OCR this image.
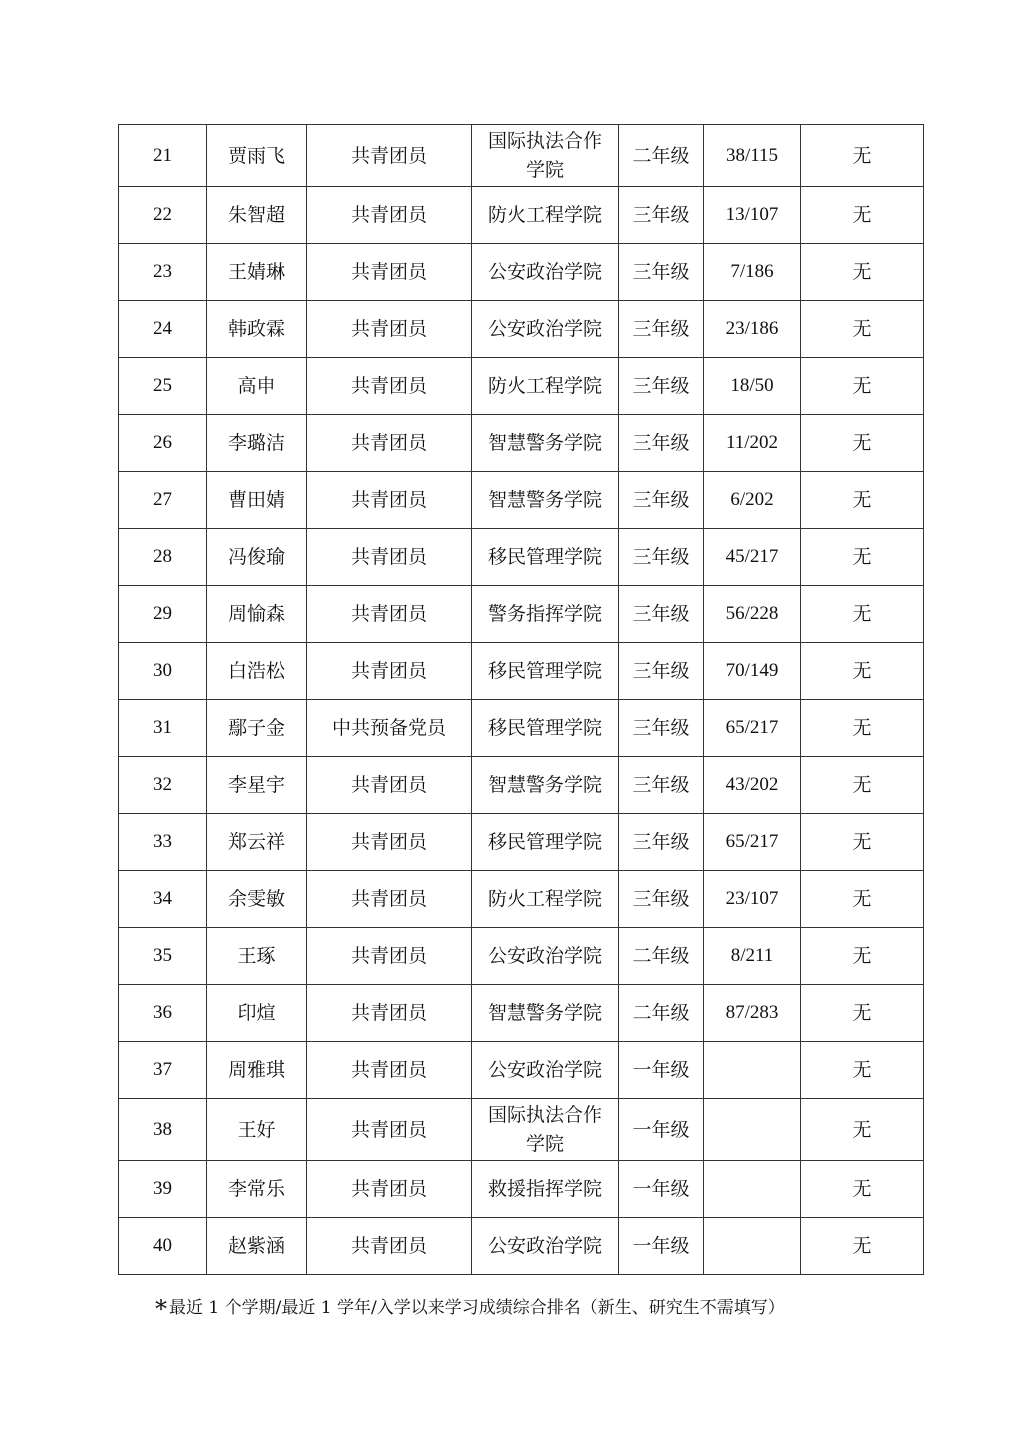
21	贾雨飞	共青团员	国际执法合作学院	二年级	38/115	无
22	朱智超	共青团员	防火工程学院	三年级	13/107	无
23	王婧琳	共青团员	公安政治学院	三年级	7/186	无
24	韩政霖	共青团员	公安政治学院	三年级	23/186	无
25	高申	共青团员	防火工程学院	三年级	18/50	无
26	李璐洁	共青团员	智慧警务学院	三年级	11/202	无
27	曹田婧	共青团员	智慧警务学院	三年级	6/202	无
28	冯俊瑜	共青团员	移民管理学院	三年级	45/217	无
29	周愉森	共青团员	警务指挥学院	三年级	56/228	无
30	白浩松	共青团员	移民管理学院	三年级	70/149	无
31	鄢子金	中共预备党员	移民管理学院	三年级	65/217	无
32	李星宇	共青团员	智慧警务学院	三年级	43/202	无
33	郑云祥	共青团员	移民管理学院	三年级	65/217	无
34	余雯敏	共青团员	防火工程学院	三年级	23/107	无
35	王琢	共青团员	公安政治学院	二年级	8/211	无
36	印煊	共青团员	智慧警务学院	二年级	87/283	无
37	周雅琪	共青团员	公安政治学院	一年级		无
38	王好	共青团员	国际执法合作学院	一年级		无
39	李常乐	共青团员	救援指挥学院	一年级		无
40	赵紫涵	共青团员	公安政治学院	一年级		无
* 最近 1 个学期/最近 1 学年/入学以来学习成绩综合排名（新生、研究生不需填写）
